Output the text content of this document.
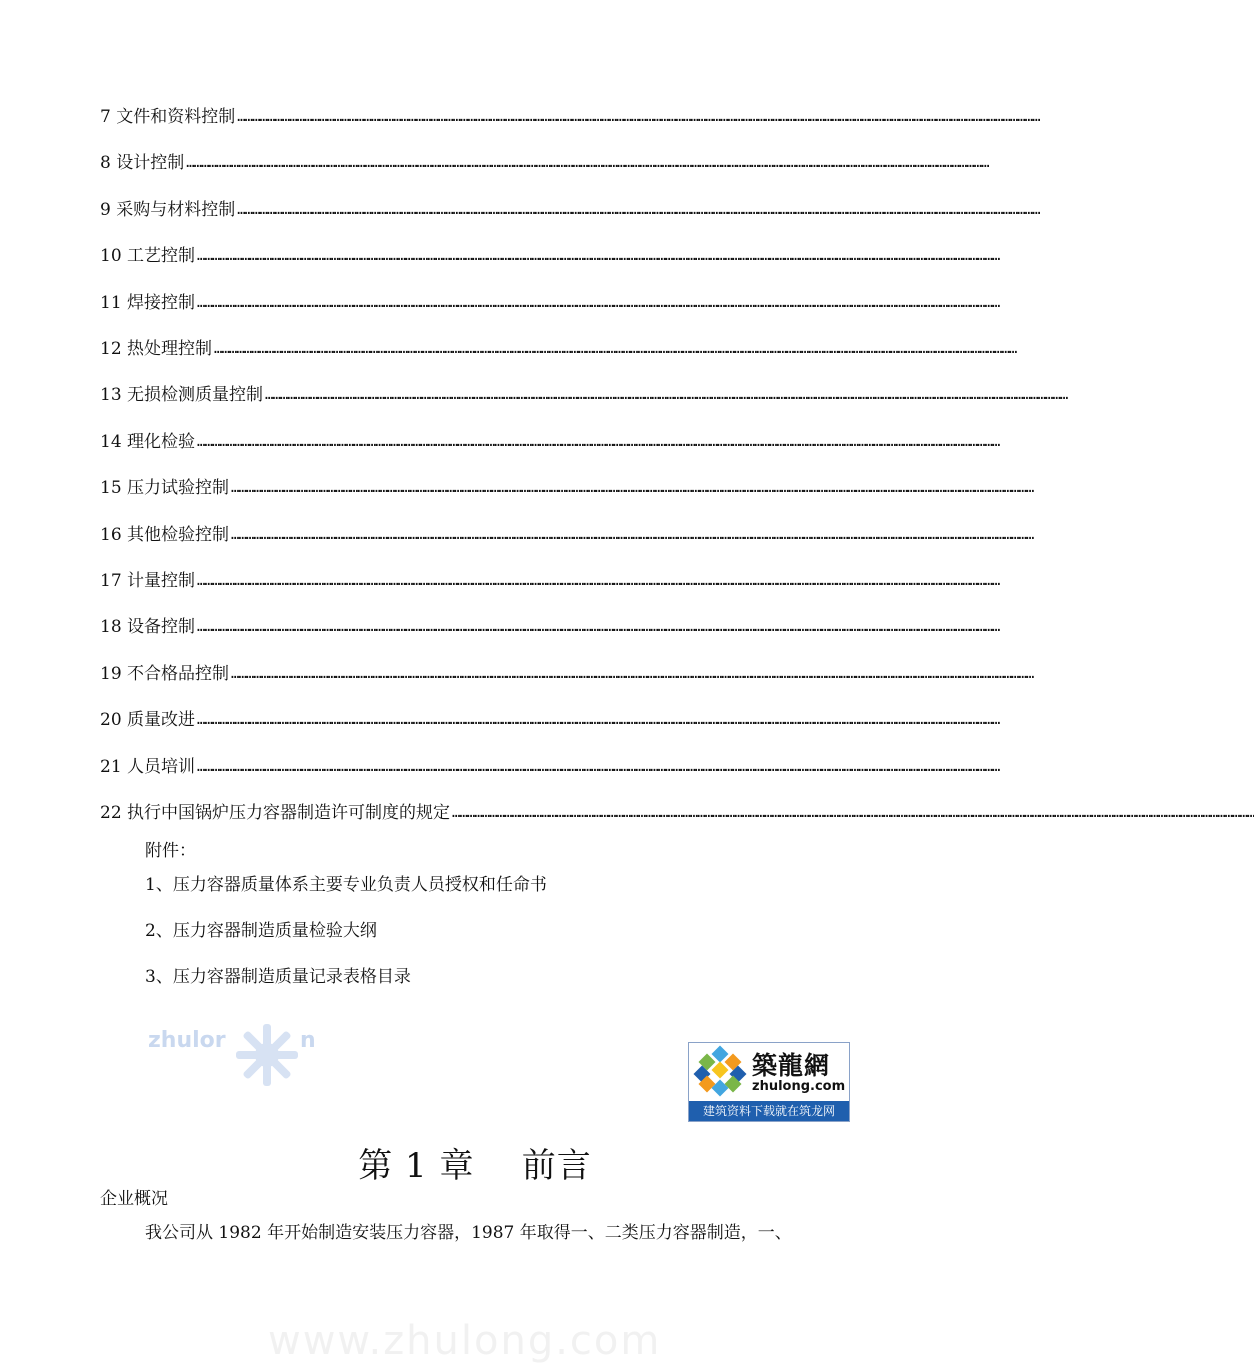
7 文件和资料控制 ………………………………………………………………………………………………………………………………………………………………………………………………………………………………………………………………………………………………
8 设计控制 ………………………………………………………………………………………………………………………………………………………………………………………………………………………………………………………………………………………………
9 采购与材料控制 ………………………………………………………………………………………………………………………………………………………………………………………………………………………………………………………………………………………………
10 工艺控制 ………………………………………………………………………………………………………………………………………………………………………………………………………………………………………………………………………………………………
11 焊接控制 ………………………………………………………………………………………………………………………………………………………………………………………………………………………………………………………………………………………………
12 热处理控制 ………………………………………………………………………………………………………………………………………………………………………………………………………………………………………………………………………………………………
13 无损检测质量控制 ………………………………………………………………………………………………………………………………………………………………………………………………………………………………………………………………………………………………
14 理化检验 ………………………………………………………………………………………………………………………………………………………………………………………………………………………………………………………………………………………………
15 压力试验控制 ………………………………………………………………………………………………………………………………………………………………………………………………………………………………………………………………………………………………
16 其他检验控制 ………………………………………………………………………………………………………………………………………………………………………………………………………………………………………………………………………………………………
17 计量控制 ………………………………………………………………………………………………………………………………………………………………………………………………………………………………………………………………………………………………
18 设备控制 ………………………………………………………………………………………………………………………………………………………………………………………………………………………………………………………………………………………………
19 不合格品控制 ………………………………………………………………………………………………………………………………………………………………………………………………………………………………………………………………………………………………
20 质量改进 ………………………………………………………………………………………………………………………………………………………………………………………………………………………………………………………………………………………………
21 人员培训 ………………………………………………………………………………………………………………………………………………………………………………………………………………………………………………………………………………………………
22 执行中国锅炉压力容器制造许可制度的规定 ………………………………………………………………………………………………………………………………………………………………………………………………………………………………………………………………………………………………
附件：
1、压力容器质量体系主要专业负责人员授权和任命书
2、压力容器制造质量检验大纲
3、压力容器制造质量记录表格目录
zhulor	n
築龍網
zhulong.com
建筑资料下载就在筑龙网
第 1 章    前言
企业概况
我公司从 1982 年开始制造安装压力容器，1987 年取得一、二类压力容器制造，一、
www.zhulong.com
